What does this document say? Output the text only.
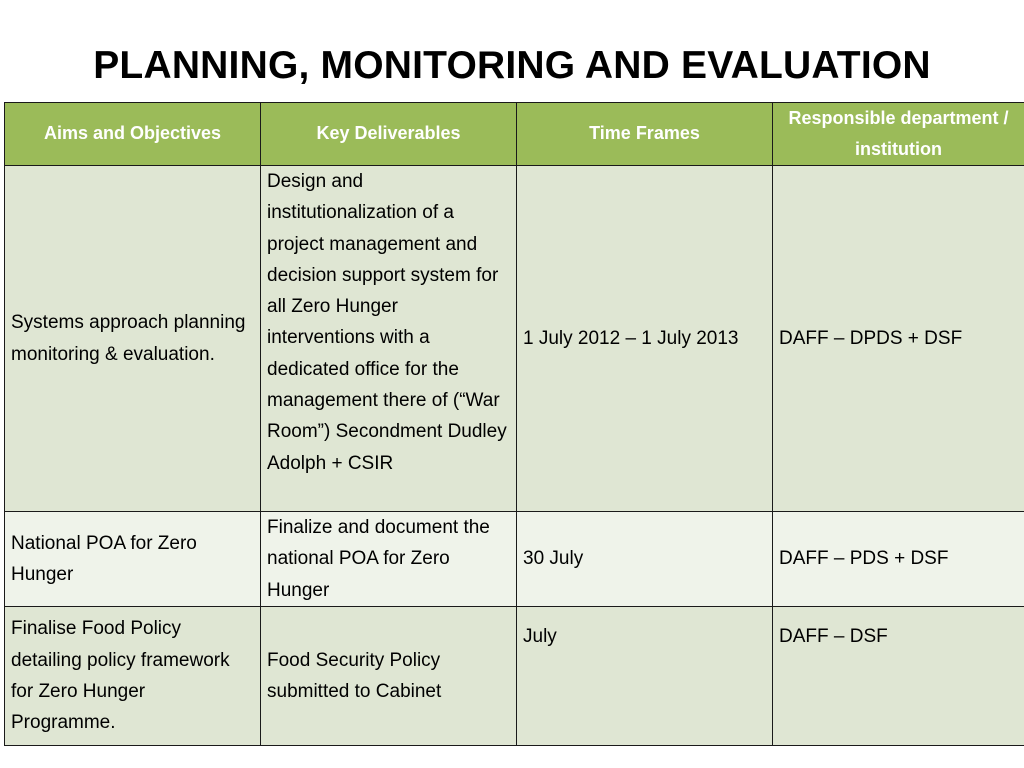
PLANNING, MONITORING AND EVALUATION
Aims and Objectives	Key Deliverables	Time Frames	Responsible department / institution
Systems approach planning monitoring & evaluation.	Design and institutionalization of a project management and decision support system for all Zero Hunger interventions with a dedicated office for the management there of (“War Room”) Secondment Dudley Adolph + CSIR	1 July 2012 – 1 July 2013	DAFF – DPDS + DSF
National POA for Zero Hunger	Finalize and document the national POA for Zero Hunger	30 July	DAFF – PDS + DSF
Finalise Food Policy detailing policy framework for Zero Hunger Programme.	Food Security Policy submitted to Cabinet	July	DAFF – DSF
